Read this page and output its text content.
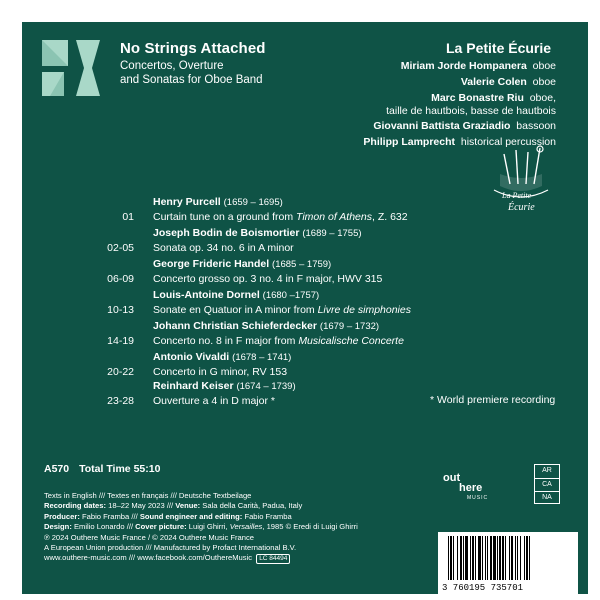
No Strings Attached
Concertos, Overture
and Sonatas for Oboe Band
La Petite Écurie
Miriam Jorde Hompanera oboe
Valerie Colen oboe
Marc Bonastre Riu oboe,
taille de hautbois, basse de hautbois
Giovanni Battista Graziadio bassoon
Philipp Lamprecht historical percussion
La Petite
Écurie
Henry Purcell (1659 – 1695)
01 Curtain tune on a ground from Timon of Athens, Z. 632
Joseph Bodin de Boismortier (1689 – 1755)
02-05 Sonata op. 34 no. 6 in A minor
George Frideric Handel (1685 – 1759)
06-09 Concerto grosso op. 3 no. 4 in F major, HWV 315
Louis-Antoine Dornel (1680 –1757)
10-13 Sonate en Quatuor in A minor from Livre de simphonies
Johann Christian Schieferdecker (1679 – 1732)
14-19 Concerto no. 8 in F major from Musicalische Concerte
Antonio Vivaldi (1678 – 1741)
20-22 Concerto in G minor, RV 153
Reinhard Keiser (1674 – 1739)
23-28 Ouverture a 4 in D major *	* World premiere recording
A570 Total Time 55:10
Texts in English /// Textes en français /// Deutsche Textbeilage
Recording dates: 18–22 May 2023 /// Venue: Sala della Carità, Padua, Italy
Producer: Fabio Framba /// Sound engineer and editing: Fabio Framba
Design: Emilio Lonardo /// Cover picture: Luigi Ghirri, Versailles, 1985 © Eredi di Luigi Ghirri
℗ 2024 Outhere Music France / © 2024 Outhere Music France
A European Union production /// Manufactured by Profact International B.V.
www.outhere-music.com /// www.facebook.com/OuthereMusic LC 84494
out
here
MUSIC
AR
CA
NA
3 760195 735701
